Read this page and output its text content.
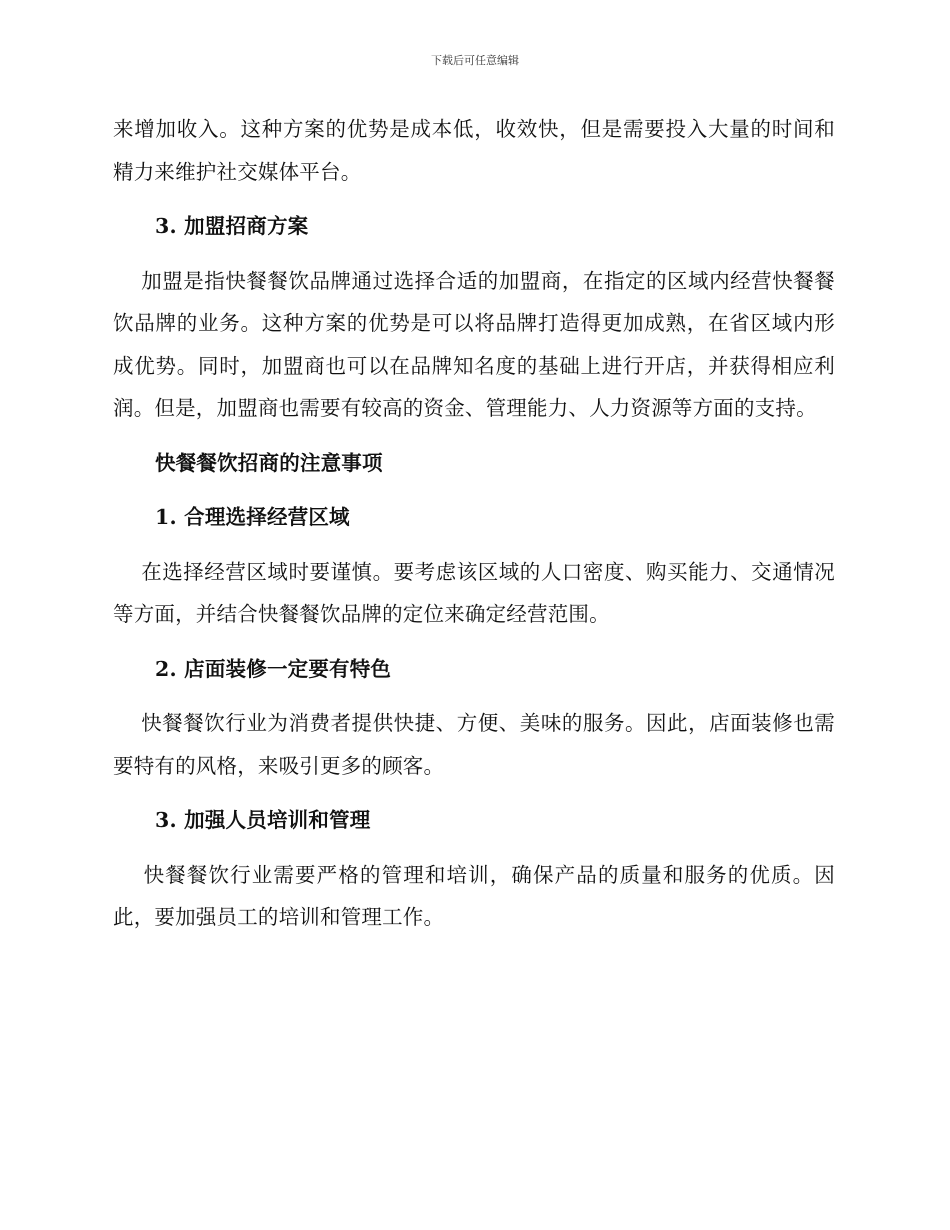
下载后可任意编辑

来增加收入。这种方案的优势是成本低，收效快，但是需要投入大量的时间和精力来维护社交媒体平台。

3. 加盟招商方案

加盟是指快餐餐饮品牌通过选择合适的加盟商，在指定的区域内经营快餐餐饮品牌的业务。这种方案的优势是可以将品牌打造得更加成熟，在省区域内形成优势。同时，加盟商也可以在品牌知名度的基础上进行开店，并获得相应利润。但是，加盟商也需要有较高的资金、管理能力、人力资源等方面的支持。

快餐餐饮招商的注意事项

1. 合理选择经营区域

在选择经营区域时要谨慎。要考虑该区域的人口密度、购买能力、交通情况等方面，并结合快餐餐饮品牌的定位来确定经营范围。

2. 店面装修一定要有特色

快餐餐饮行业为消费者提供快捷、方便、美味的服务。因此，店面装修也需要特有的风格，来吸引更多的顾客。

3. 加强人员培训和管理

快餐餐饮行业需要严格的管理和培训，确保产品的质量和服务的优质。因此，要加强员工的培训和管理工作。
